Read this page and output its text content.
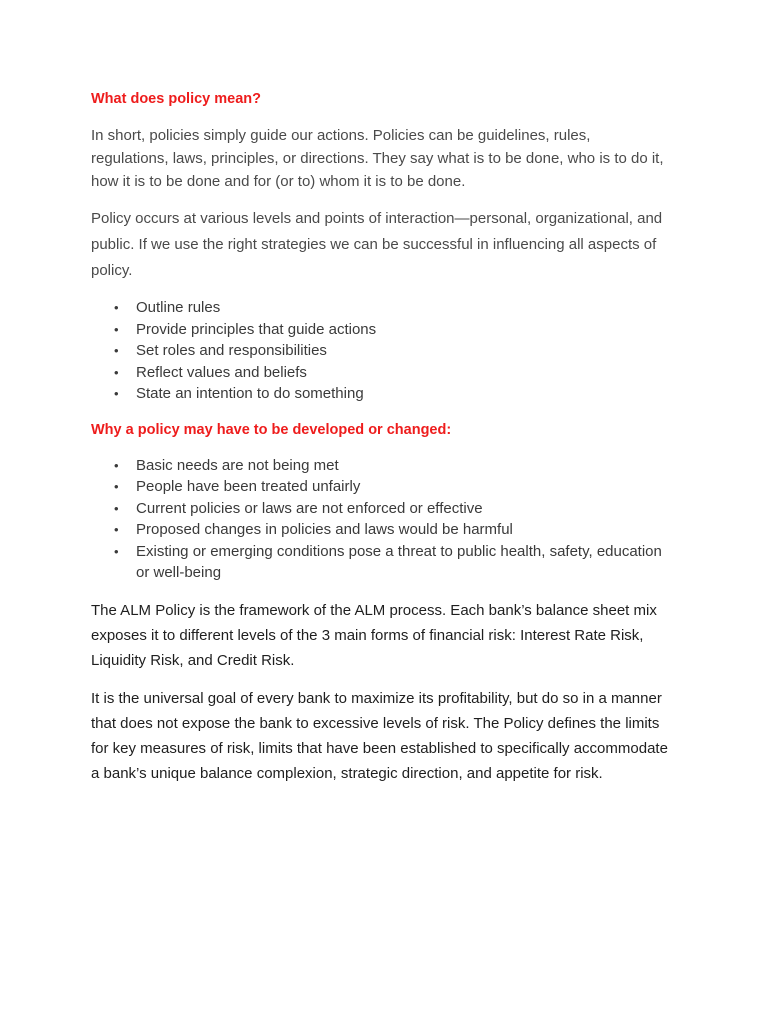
What does policy mean?

In short, policies simply guide our actions. Policies can be guidelines, rules, regulations, laws, principles, or directions. They say what is to be done, who is to do it, how it is to be done and for (or to) whom it is to be done.

Policy occurs at various levels and points of interaction—personal, organizational, and public. If we use the right strategies we can be successful in influencing all aspects of policy.

• Outline rules
• Provide principles that guide actions
• Set roles and responsibilities
• Reflect values and beliefs
• State an intention to do something
Why a policy may have to be developed or changed:
• Basic needs are not being met
• People have been treated unfairly
• Current policies or laws are not enforced or effective
• Proposed changes in policies and laws would be harmful
• Existing or emerging conditions pose a threat to public health, safety, education or well-being

The ALM Policy is the framework of the ALM process. Each bank’s balance sheet mix exposes it to different levels of the 3 main forms of financial risk: Interest Rate Risk, Liquidity Risk, and Credit Risk.

It is the universal goal of every bank to maximize its profitability, but do so in a manner that does not expose the bank to excessive levels of risk. The Policy defines the limits for key measures of risk, limits that have been established to specifically accommodate a bank’s unique balance complexion, strategic direction, and appetite for risk.
